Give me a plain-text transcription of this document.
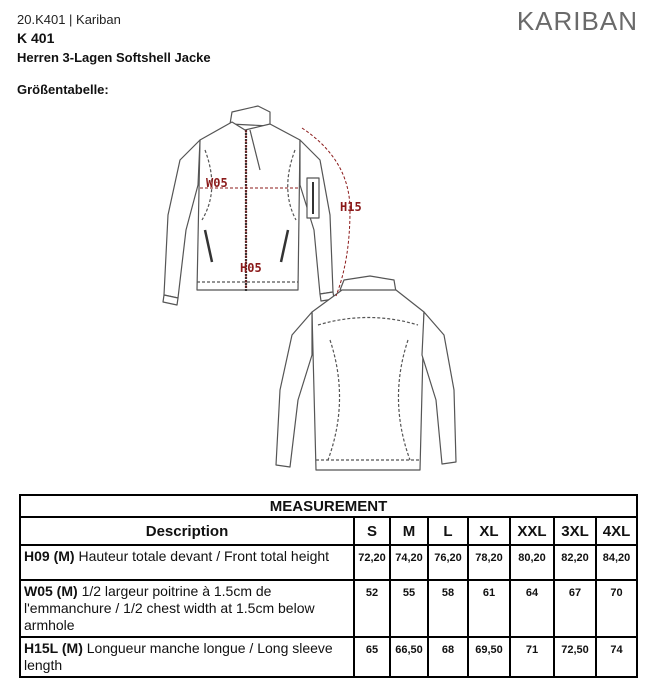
20.K401 | Kariban
K 401
Herren 3-Lagen Softshell Jacke
Größentabelle:
KARIBAN
W05
H15
H05
MEASUREMENT							
Description	S	M	L	XL	XXL	3XL	4XL
H09 (M) Hauteur totale devant / Front total height	72,20	74,20	76,20	78,20	80,20	82,20	84,20
W05 (M) 1/2 largeur poitrine à 1.5cm de l'emmanchure / 1/2 chest width at 1.5cm below armhole	52	55	58	61	64	67	70
H15L (M) Longueur manche longue / Long sleeve length	65	66,50	68	69,50	71	72,50	74
